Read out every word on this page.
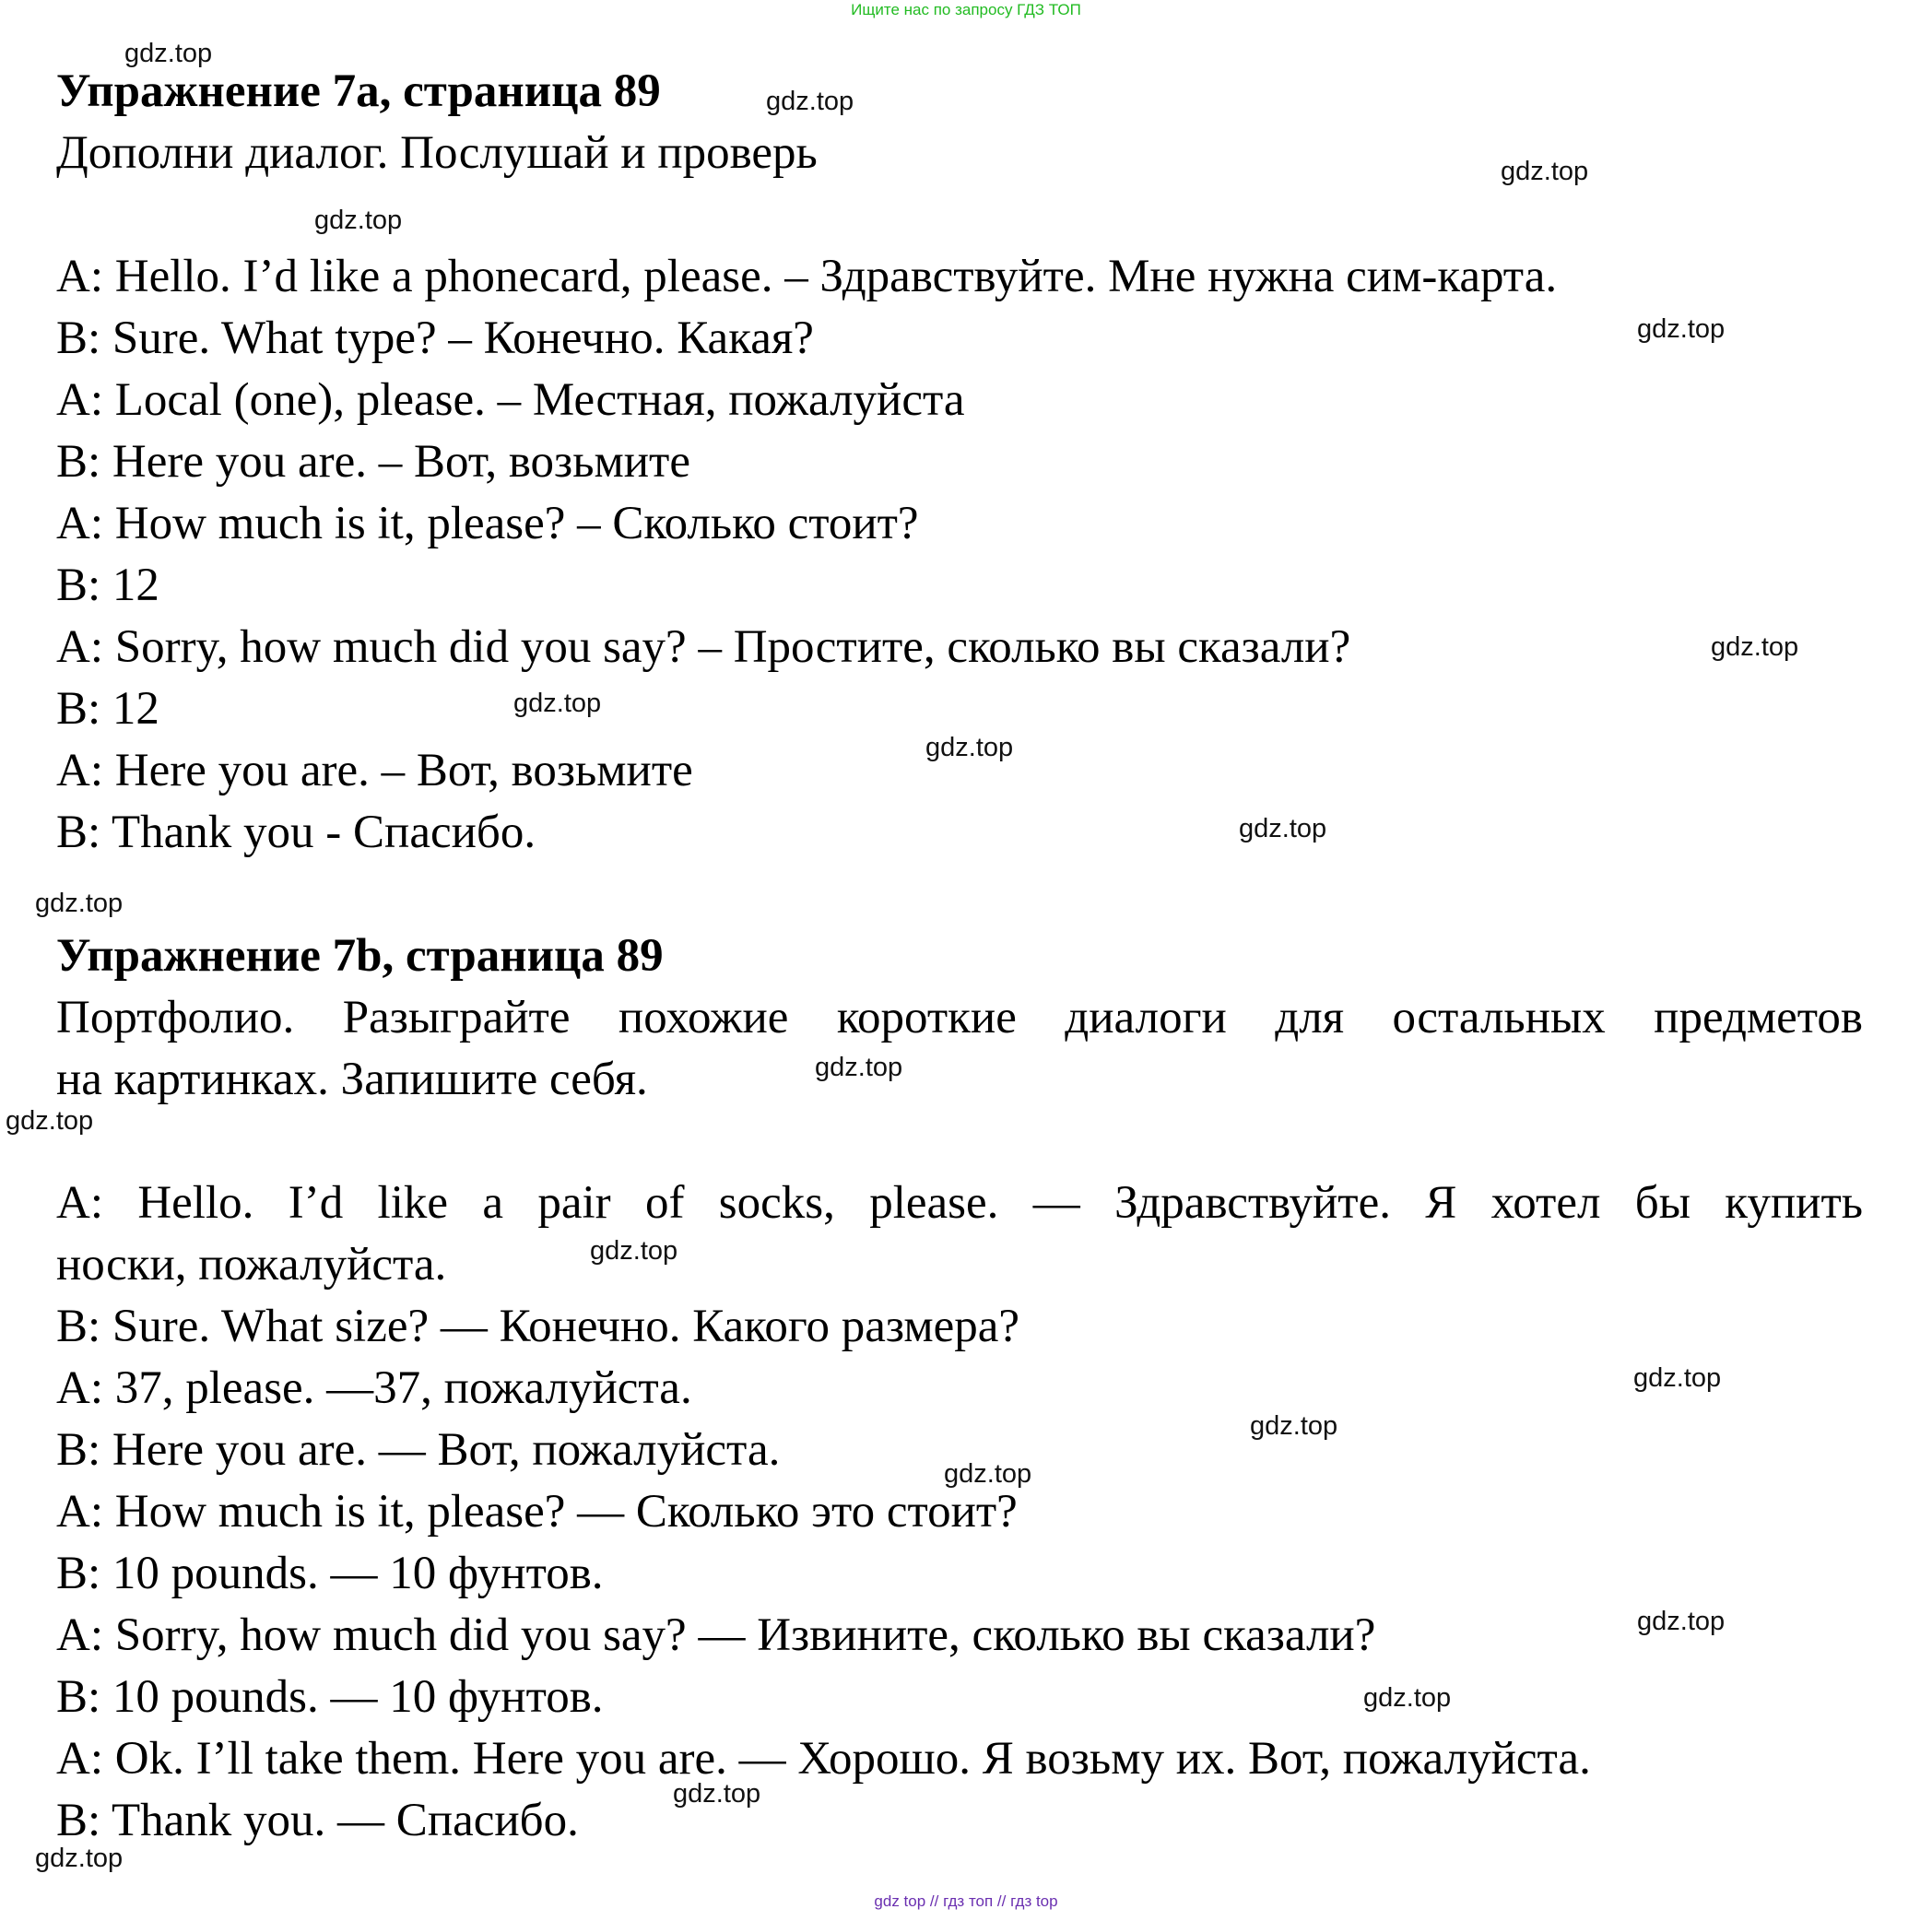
Ищите нас по запросу ГДЗ ТОП

Упражнение 7а, страница 89

Дополни диалог. Послушай и проверь

A: Hello. I’d like a phonecard, please. – Здравствуйте. Мне нужна сим-карта.

B: Sure. What type? – Конечно. Какая?

A: Local (one), please. – Местная, пожалуйста

B: Here you are. – Вот, возьмите

A: How much is it, please? – Сколько стоит?

B: 12

A: Sorry, how much did you say? – Простите, сколько вы сказали?

B: 12

A: Here you are. – Вот, возьмите

B: Thank you - Спасибо.

Упражнение 7b, страница 89

Портфолио. Разыграйте похожие короткие диалоги для остальных предметов

на картинках. Запишите себя.

A: Hello. I’d like a pair of socks, please. — Здравствуйте. Я хотел бы купить

носки, пожалуйста.

B: Sure. What size? — Конечно. Какого размера?

A: 37, please. —37, пожалуйста.

B: Here you are. — Вот, пожалуйста.

A: How much is it, please? — Сколько это стоит?

B: 10 pounds. — 10 фунтов.

A: Sorry, how much did you say? — Извините, сколько вы сказали?

B: 10 pounds. — 10 фунтов.

A: Ok. I’ll take them. Here you are. — Хорошо. Я возьму их. Вот, пожалуйста.

B: Thank you. — Спасибо.

gdz.top
gdz.top
gdz.top
gdz.top
gdz.top
gdz.top
gdz.top
gdz.top
gdz.top
gdz.top
gdz.top
gdz.top
gdz.top
gdz.top
gdz.top
gdz.top
gdz.top
gdz.top
gdz.top
gdz.top
gdz top // гдз топ // гдз top
